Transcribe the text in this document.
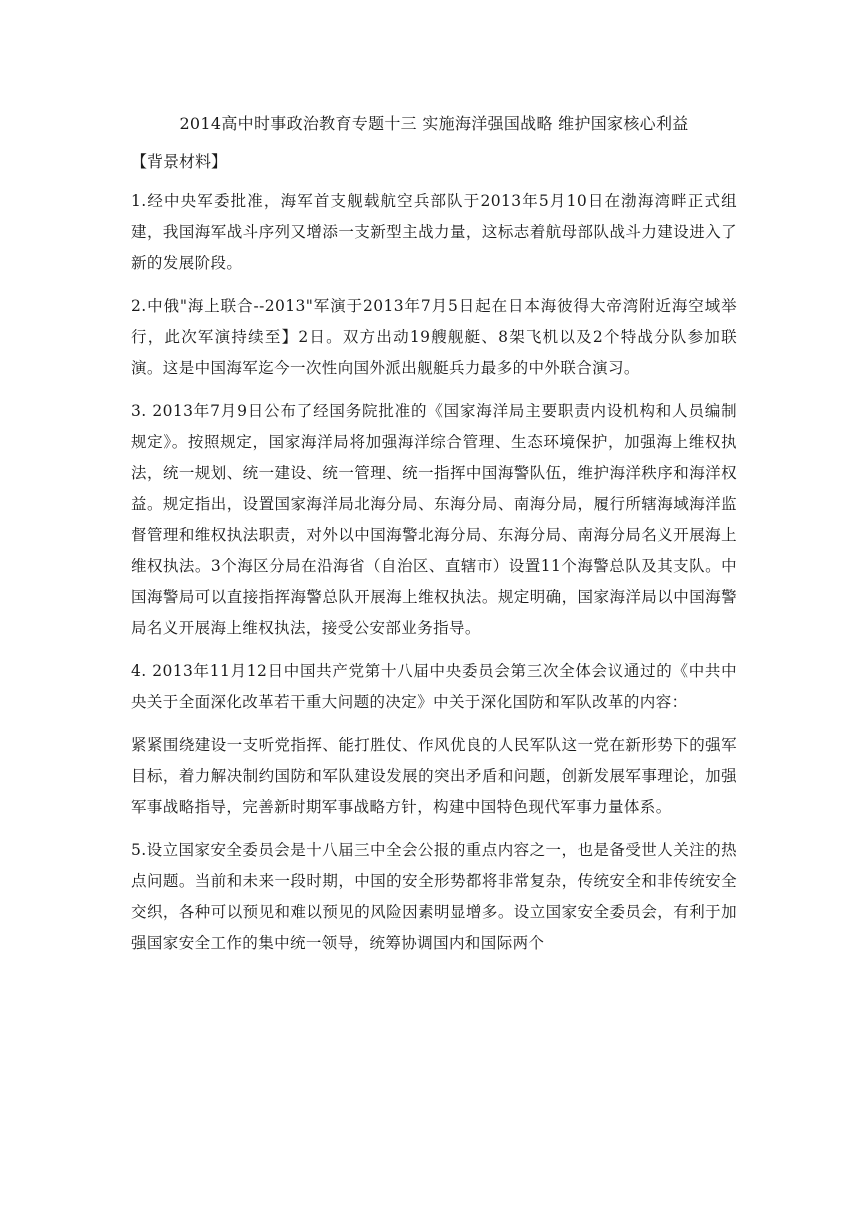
2014高中时事政治教育专题十三 实施海洋强国战略 维护国家核心利益
【背景材料】

1.经中央军委批准，海军首支舰载航空兵部队于2013年5月10日在渤海湾畔正式组建，我国海军战斗序列又增添一支新型主战力量，这标志着航母部队战斗力建设进入了新的发展阶段。

2.中俄"海上联合--2013"军演于2013年7月5日起在日本海彼得大帝湾附近海空域举行，此次军演持续至】2日。双方出动19艘舰艇、8架飞机以及2个特战分队参加联演。这是中国海军迄今一次性向国外派出舰艇兵力最多的中外联合演习。

3. 2013年7月9日公布了经国务院批准的《国家海洋局主要职责内设机构和人员编制规定》。按照规定，国家海洋局将加强海洋综合管理、生态环境保护，加强海上维权执法，统一规划、统一建设、统一管理、统一指挥中国海警队伍，维护海洋秩序和海洋权益。规定指出，设置国家海洋局北海分局、东海分局、南海分局，履行所辖海域海洋监督管理和维权执法职责，对外以中国海警北海分局、东海分局、南海分局名义开展海上维权执法。3个海区分局在沿海省（自治区、直辖市）设置11个海警总队及其支队。中国海警局可以直接指挥海警总队开展海上维权执法。规定明确，国家海洋局以中国海警局名义开展海上维权执法，接受公安部业务指导。

4. 2013年11月12日中国共产党第十八届中央委员会第三次全体会议通过的《中共中央关于全面深化改革若干重大问题的决定》中关于深化国防和军队改革的内容：

紧紧围绕建设一支听党指挥、能打胜仗、作风优良的人民军队这一党在新形势下的强军目标，着力解决制约国防和军队建设发展的突出矛盾和问题，创新发展军事理论，加强军事战略指导，完善新时期军事战略方针，构建中国特色现代军事力量体系。

5.设立国家安全委员会是十八届三中全会公报的重点内容之一，也是备受世人关注的热点问题。当前和未来一段时期，中国的安全形势都将非常复杂，传统安全和非传统安全交织，各种可以预见和难以预见的风险因素明显增多。设立国家安全委员会，有利于加强国家安全工作的集中统一领导，统筹协调国内和国际两个
